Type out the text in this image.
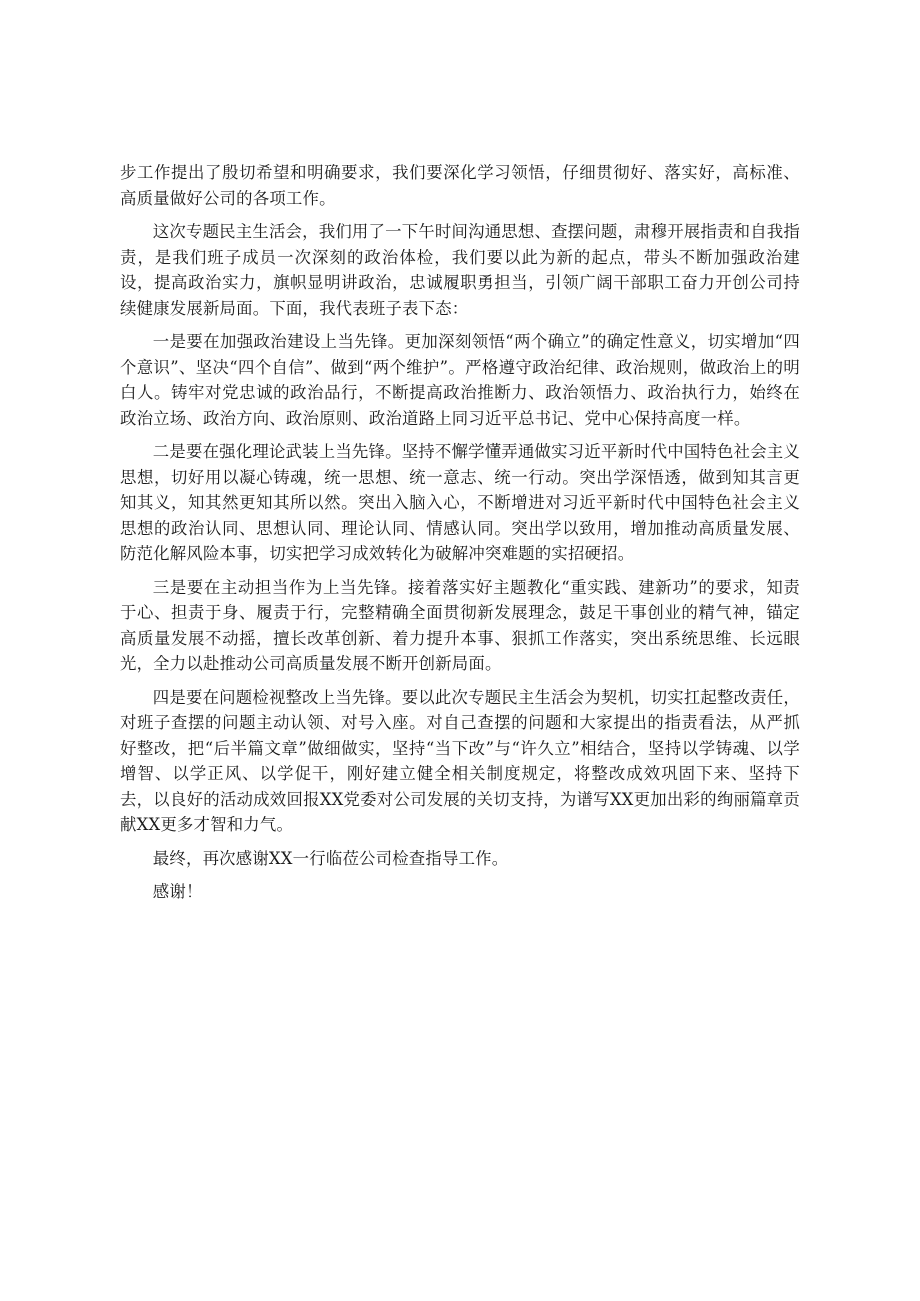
步工作提出了殷切希望和明确要求，我们要深化学习领悟，仔细贯彻好、落实好，高标准、高质量做好公司的各项工作。

这次专题民主生活会，我们用了一下午时间沟通思想、查摆问题，肃穆开展指责和自我指责，是我们班子成员一次深刻的政治体检，我们要以此为新的起点，带头不断加强政治建设，提高政治实力，旗帜显明讲政治，忠诚履职勇担当，引领广阔干部职工奋力开创公司持续健康发展新局面。下面，我代表班子表下态：

一是要在加强政治建设上当先锋。更加深刻领悟“两个确立”的确定性意义，切实增加“四个意识”、坚决“四个自信”、做到“两个维护”。严格遵守政治纪律、政治规则，做政治上的明白人。铸牢对党忠诚的政治品行，不断提高政治推断力、政治领悟力、政治执行力，始终在政治立场、政治方向、政治原则、政治道路上同习近平总书记、党中心保持高度一样。

二是要在强化理论武装上当先锋。坚持不懈学懂弄通做实习近平新时代中国特色社会主义思想，切好用以凝心铸魂，统一思想、统一意志、统一行动。突出学深悟透，做到知其言更知其义，知其然更知其所以然。突出入脑入心，不断增进对习近平新时代中国特色社会主义思想的政治认同、思想认同、理论认同、情感认同。突出学以致用，增加推动高质量发展、防范化解风险本事，切实把学习成效转化为破解冲突难题的实招硬招。

三是要在主动担当作为上当先锋。接着落实好主题教化“重实践、建新功”的要求，知责于心、担责于身、履责于行，完整精确全面贯彻新发展理念，鼓足干事创业的精气神，锚定高质量发展不动摇，擅长改革创新、着力提升本事、狠抓工作落实，突出系统思维、长远眼光，全力以赴推动公司高质量发展不断开创新局面。

四是要在问题检视整改上当先锋。要以此次专题民主生活会为契机，切实扛起整改责任，对班子查摆的问题主动认领、对号入座。对自己查摆的问题和大家提出的指责看法，从严抓好整改，把“后半篇文章”做细做实，坚持“当下改”与“许久立”相结合，坚持以学铸魂、以学增智、以学正风、以学促干，刚好建立健全相关制度规定，将整改成效巩固下来、坚持下去，以良好的活动成效回报XX党委对公司发展的关切支持，为谱写XX更加出彩的绚丽篇章贡献XX更多才智和力气。

最终，再次感谢XX一行临莅公司检查指导工作。

感谢！
